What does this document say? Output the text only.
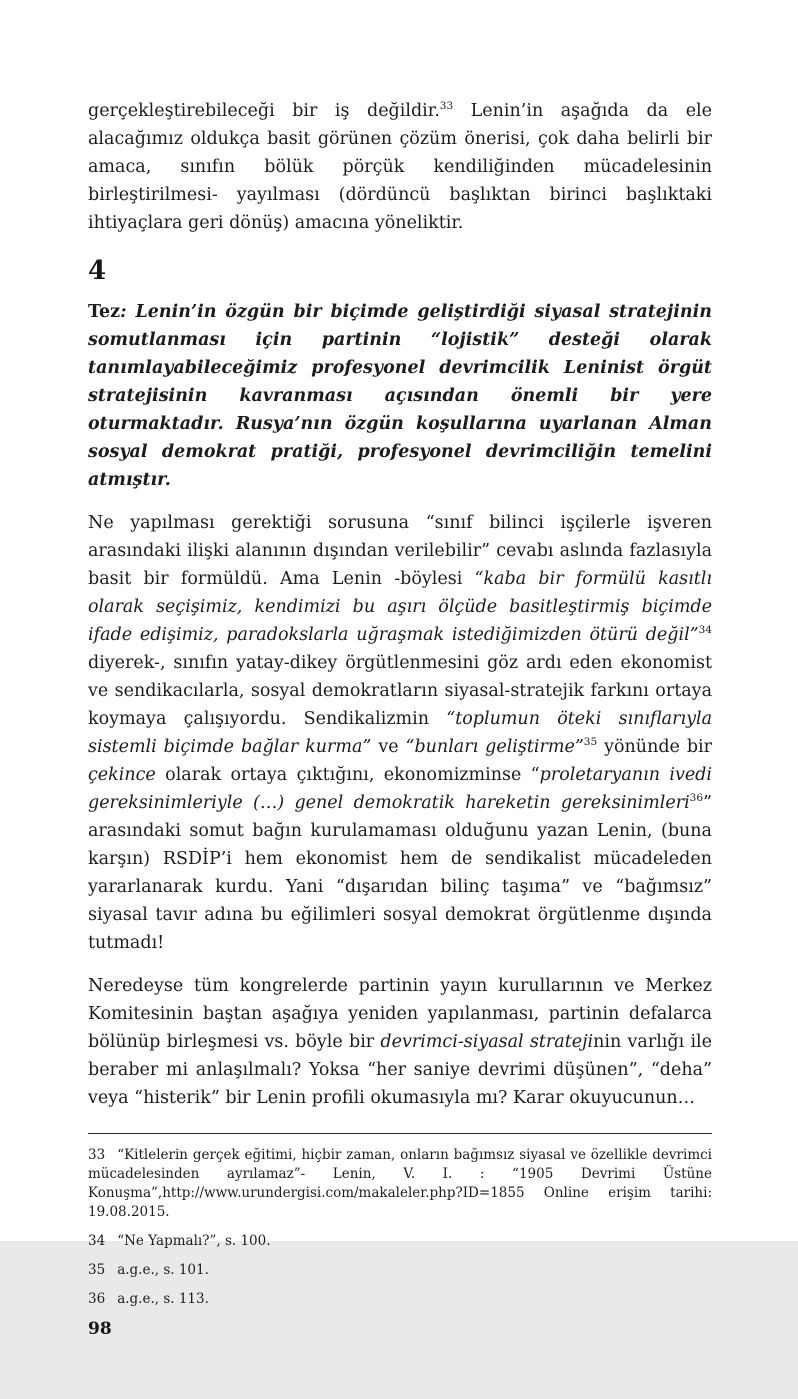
gerçekleştirebileceği bir iş değildir.$^{33}$ Lenin’in aşağıda da ele alacağımız oldukça basit görünen çözüm önerisi, çok daha belirli bir amaca, sınıfın bölük pörçük kendiliğinden mücadelesinin birleştirilmesi- yayılması (dördüncü başlıktan birinci başlıktaki ihtiyaçlara geri dönüş) amacına yöneliktir.

4

Tez: Lenin’in özgün bir biçimde geliştirdiği siyasal stratejinin somutlanması için partinin “lojistik” desteği olarak tanımlayabileceğimiz profesyonel devrimcilik Leninist örgüt stratejisinin kavranması açısından önemli bir yere oturmaktadır. Rusya’nın özgün koşullarına uyarlanan Alman sosyal demokrat pratiği, profesyonel devrimciliğin temelini atmıştır.

Ne yapılması gerektiği sorusuna “sınıf bilinci işçilerle işveren arasındaki ilişki alanının dışından verilebilir” cevabı aslında fazlasıyla basit bir formüldü. Ama Lenin -böylesi “kaba bir formülü kasıtlı olarak seçişimiz, kendimizi bu aşırı ölçüde basitleştirmiş biçimde ifade edişimiz, paradokslarla uğraşmak istediğimizden ötürü değil”$^{34}$ diyerek-, sınıfın yatay-dikey örgütlenmesini göz ardı eden ekonomist ve sendikacılarla, sosyal demokratların siyasal-stratejik farkını ortaya koymaya çalışıyordu. Sendikalizmin “toplumun öteki sınıflarıyla sistemli biçimde bağlar kurma” ve “bunları geliştirme”$^{35}$ yönünde bir çekince olarak ortaya çıktığını, ekonomizminse “proletaryanın ivedi gereksinimleriyle (…) genel demokratik hareketin gereksinimleri$^{36}$” arasındaki somut bağın kurulamaması olduğunu yazan Lenin, (buna karşın) RSDİP’i hem ekonomist hem de sendikalist mücadeleden yararlanarak kurdu. Yani “dışarıdan bilinç taşıma” ve “bağımsız” siyasal tavır adına bu eğilimleri sosyal demokrat örgütlenme dışında tutmadı!

Neredeyse tüm kongrelerde partinin yayın kurullarının ve Merkez Komitesinin baştan aşağıya yeniden yapılanması, partinin defalarca bölünüp birleşmesi vs. böyle bir devrimci-siyasal stratejinin varlığı ile beraber mi anlaşılmalı? Yoksa “her saniye devrimi düşünen”, “deha” veya “histerik” bir Lenin profili okumasıyla mı? Karar okuyucunun…

33 “Kitlelerin gerçek eğitimi, hiçbir zaman, onların bağımsız siyasal ve özellikle devrimci mücadelesinden ayrılamaz”- Lenin, V. I. : “1905 Devrimi Üstüne Konuşma”,http://www.urundergisi.com/makaleler.php?ID=1855 Online erişim tarihi: 19.08.2015.
34 “Ne Yapmalı?”, s. 100.
35 a.g.e., s. 101.
36 a.g.e., s. 113.
98
